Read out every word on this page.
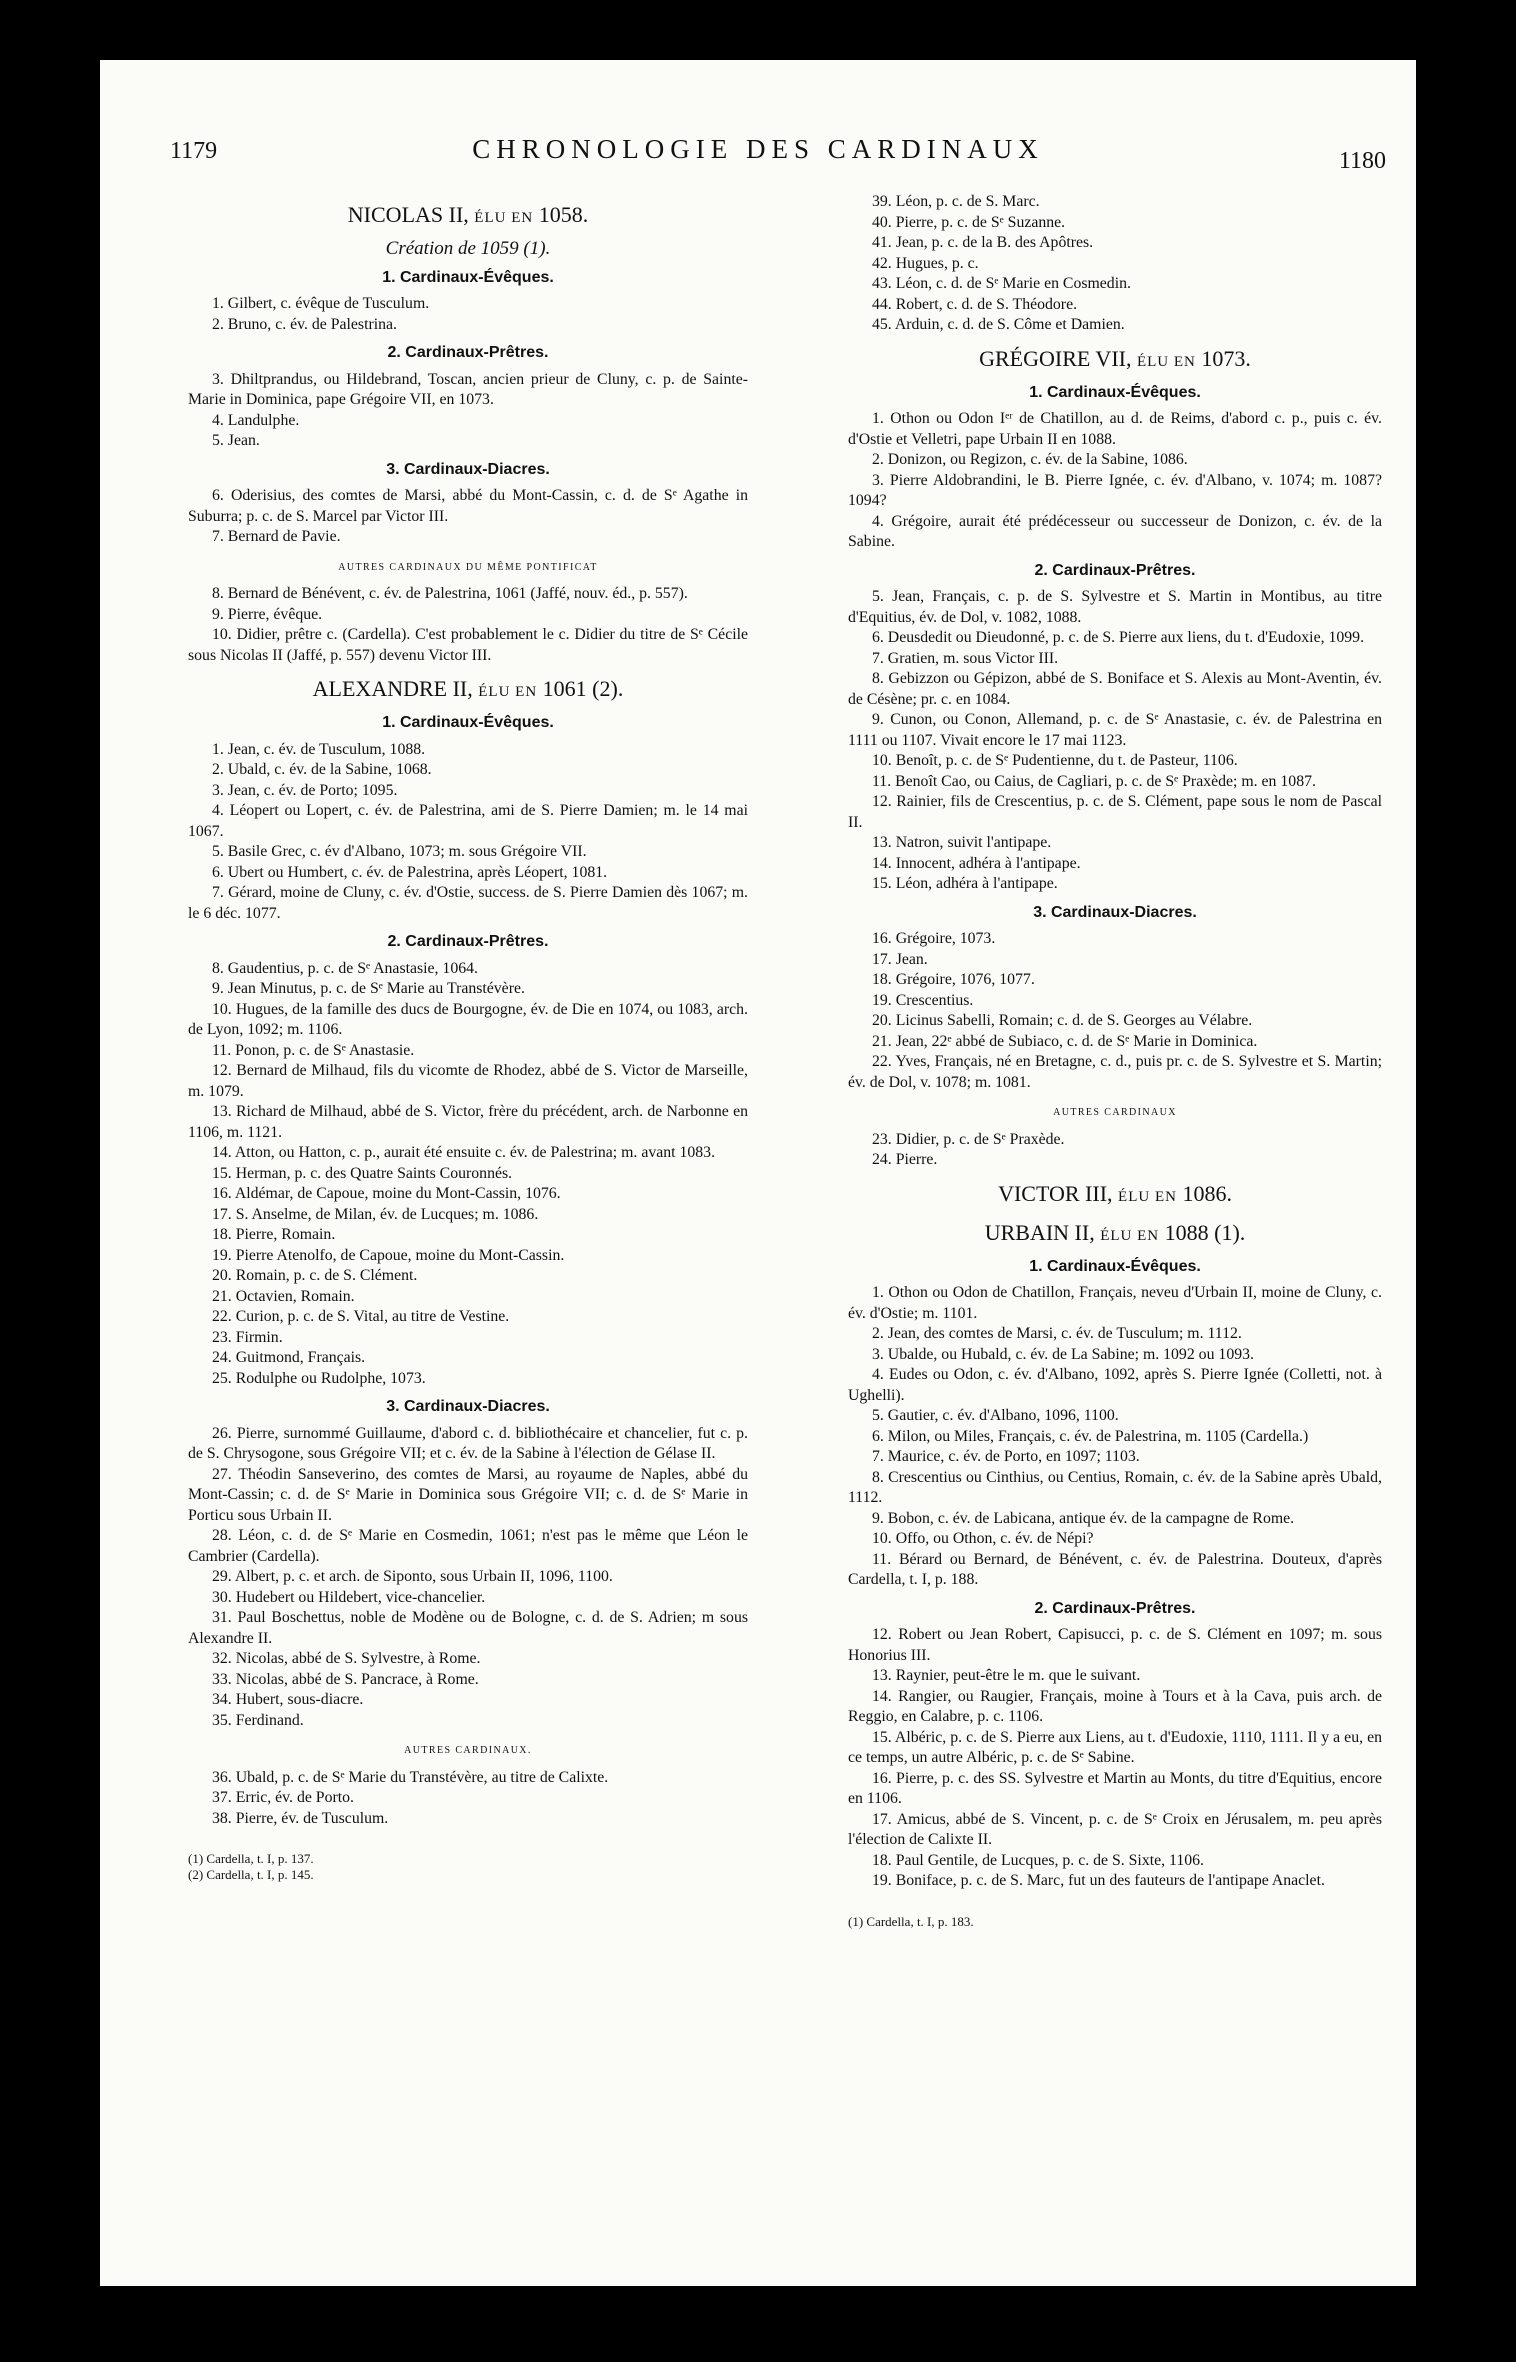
1179	CHRONOLOGIE DES CARDINAUX	1180
NICOLAS II, ÉLU EN 1058.
Création de 1059 (1).
1. Cardinaux-Évêques.

1. Gilbert, c. évêque de Tusculum.

2. Bruno, c. év. de Palestrina.

2. Cardinaux-Prêtres.

3. Dhiltprandus, ou Hildebrand, Toscan, ancien prieur de Cluny, c. p. de Sainte-Marie in Dominica, pape Grégoire VII, en 1073.

4. Landulphe.

5. Jean.

3. Cardinaux-Diacres.

6. Oderisius, des comtes de Marsi, abbé du Mont-Cassin, c. d. de Sᵉ Agathe in Suburra; p. c. de S. Marcel par Victor III.

7. Bernard de Pavie.

AUTRES CARDINAUX DU MÊME PONTIFICAT

8. Bernard de Bénévent, c. év. de Palestrina, 1061 (Jaffé, nouv. éd., p. 557).

9. Pierre, évêque.

10. Didier, prêtre c. (Cardella). C'est probablement le c. Didier du titre de Sᵉ Cécile sous Nicolas II (Jaffé, p. 557) devenu Victor III.

ALEXANDRE II, ÉLU EN 1061 (2).
1. Cardinaux-Évêques.

1. Jean, c. év. de Tusculum, 1088.

2. Ubald, c. év. de la Sabine, 1068.

3. Jean, c. év. de Porto; 1095.

4. Léopert ou Lopert, c. év. de Palestrina, ami de S. Pierre Damien; m. le 14 mai 1067.

5. Basile Grec, c. év d'Albano, 1073; m. sous Grégoire VII.

6. Ubert ou Humbert, c. év. de Palestrina, après Léopert, 1081.

7. Gérard, moine de Cluny, c. év. d'Ostie, success. de S. Pierre Damien dès 1067; m. le 6 déc. 1077.

2. Cardinaux-Prêtres.

8. Gaudentius, p. c. de Sᵉ Anastasie, 1064.

9. Jean Minutus, p. c. de Sᵉ Marie au Transtévère.

10. Hugues, de la famille des ducs de Bourgogne, év. de Die en 1074, ou 1083, arch. de Lyon, 1092; m. 1106.

11. Ponon, p. c. de Sᵉ Anastasie.

12. Bernard de Milhaud, fils du vicomte de Rhodez, abbé de S. Victor de Marseille, m. 1079.

13. Richard de Milhaud, abbé de S. Victor, frère du précédent, arch. de Narbonne en 1106, m. 1121.

14. Atton, ou Hatton, c. p., aurait été ensuite c. év. de Palestrina; m. avant 1083.

15. Herman, p. c. des Quatre Saints Couronnés.

16. Aldémar, de Capoue, moine du Mont-Cassin, 1076.

17. S. Anselme, de Milan, év. de Lucques; m. 1086.

18. Pierre, Romain.

19. Pierre Atenolfo, de Capoue, moine du Mont-Cassin.

20. Romain, p. c. de S. Clément.

21. Octavien, Romain.

22. Curion, p. c. de S. Vital, au titre de Vestine.

23. Firmin.

24. Guitmond, Français.

25. Rodulphe ou Rudolphe, 1073.

3. Cardinaux-Diacres.

26. Pierre, surnommé Guillaume, d'abord c. d. bibliothécaire et chancelier, fut c. p. de S. Chrysogone, sous Grégoire VII; et c. év. de la Sabine à l'élection de Gélase II.

27. Théodin Sanseverino, des comtes de Marsi, au royaume de Naples, abbé du Mont-Cassin; c. d. de Sᵉ Marie in Dominica sous Grégoire VII; c. d. de Sᵉ Marie in Porticu sous Urbain II.

28. Léon, c. d. de Sᵉ Marie en Cosmedin, 1061; n'est pas le même que Léon le Cambrier (Cardella).

29. Albert, p. c. et arch. de Siponto, sous Urbain II, 1096, 1100.

30. Hudebert ou Hildebert, vice-chancelier.

31. Paul Boschettus, noble de Modène ou de Bologne, c. d. de S. Adrien; m sous Alexandre II.

32. Nicolas, abbé de S. Sylvestre, à Rome.

33. Nicolas, abbé de S. Pancrace, à Rome.

34. Hubert, sous-diacre.

35. Ferdinand.

AUTRES CARDINAUX.

36. Ubald, p. c. de Sᵉ Marie du Transtévère, au titre de Calixte.

37. Erric, év. de Porto.

38. Pierre, év. de Tusculum.

(1) Cardella, t. I, p. 137.

(2) Cardella, t. I, p. 145.

39. Léon, p. c. de S. Marc.

40. Pierre, p. c. de Sᵉ Suzanne.

41. Jean, p. c. de la B. des Apôtres.

42. Hugues, p. c.

43. Léon, c. d. de Sᵉ Marie en Cosmedin.

44. Robert, c. d. de S. Théodore.

45. Arduin, c. d. de S. Côme et Damien.

GRÉGOIRE VII, ÉLU EN 1073.
1. Cardinaux-Évêques.

1. Othon ou Odon Iᵉʳ de Chatillon, au d. de Reims, d'abord c. p., puis c. év. d'Ostie et Velletri, pape Urbain II en 1088.

2. Donizon, ou Regizon, c. év. de la Sabine, 1086.

3. Pierre Aldobrandini, le B. Pierre Ignée, c. év. d'Albano, v. 1074; m. 1087? 1094?

4. Grégoire, aurait été prédécesseur ou successeur de Donizon, c. év. de la Sabine.

2. Cardinaux-Prêtres.

5. Jean, Français, c. p. de S. Sylvestre et S. Martin in Montibus, au titre d'Equitius, év. de Dol, v. 1082, 1088.

6. Deusdedit ou Dieudonné, p. c. de S. Pierre aux liens, du t. d'Eudoxie, 1099.

7. Gratien, m. sous Victor III.

8. Gebizzon ou Gépizon, abbé de S. Boniface et S. Alexis au Mont-Aventin, év. de Césène; pr. c. en 1084.

9. Cunon, ou Conon, Allemand, p. c. de Sᵉ Anastasie, c. év. de Palestrina en 1111 ou 1107. Vivait encore le 17 mai 1123.

10. Benoît, p. c. de Sᵉ Pudentienne, du t. de Pasteur, 1106.

11. Benoît Cao, ou Caius, de Cagliari, p. c. de Sᵉ Praxède; m. en 1087.

12. Rainier, fils de Crescentius, p. c. de S. Clément, pape sous le nom de Pascal II.

13. Natron, suivit l'antipape.

14. Innocent, adhéra à l'antipape.

15. Léon, adhéra à l'antipape.

3. Cardinaux-Diacres.

16. Grégoire, 1073.

17. Jean.

18. Grégoire, 1076, 1077.

19. Crescentius.

20. Licinus Sabelli, Romain; c. d. de S. Georges au Vélabre.

21. Jean, 22ᵉ abbé de Subiaco, c. d. de Sᵉ Marie in Dominica.

22. Yves, Français, né en Bretagne, c. d., puis pr. c. de S. Sylvestre et S. Martin; év. de Dol, v. 1078; m. 1081.

AUTRES CARDINAUX

23. Didier, p. c. de Sᵉ Praxède.

24. Pierre.

VICTOR III, ÉLU EN 1086.
URBAIN II, ÉLU EN 1088 (1).
1. Cardinaux-Évêques.

1. Othon ou Odon de Chatillon, Français, neveu d'Urbain II, moine de Cluny, c. év. d'Ostie; m. 1101.

2. Jean, des comtes de Marsi, c. év. de Tusculum; m. 1112.

3. Ubalde, ou Hubald, c. év. de La Sabine; m. 1092 ou 1093.

4. Eudes ou Odon, c. év. d'Albano, 1092, après S. Pierre Ignée (Colletti, not. à Ughelli).

5. Gautier, c. év. d'Albano, 1096, 1100.

6. Milon, ou Miles, Français, c. év. de Palestrina, m. 1105 (Cardella.)

7. Maurice, c. év. de Porto, en 1097; 1103.

8. Crescentius ou Cinthius, ou Centius, Romain, c. év. de la Sabine après Ubald, 1112.

9. Bobon, c. év. de Labicana, antique év. de la campagne de Rome.

10. Offo, ou Othon, c. év. de Népi?

11. Bérard ou Bernard, de Bénévent, c. év. de Palestrina. Douteux, d'après Cardella, t. I, p. 188.

2. Cardinaux-Prêtres.

12. Robert ou Jean Robert, Capisucci, p. c. de S. Clément en 1097; m. sous Honorius III.

13. Raynier, peut-être le m. que le suivant.

14. Rangier, ou Raugier, Français, moine à Tours et à la Cava, puis arch. de Reggio, en Calabre, p. c. 1106.

15. Albéric, p. c. de S. Pierre aux Liens, au t. d'Eudoxie, 1110, 1111. Il y a eu, en ce temps, un autre Albéric, p. c. de Sᵉ Sabine.

16. Pierre, p. c. des SS. Sylvestre et Martin au Monts, du titre d'Equitius, encore en 1106.

17. Amicus, abbé de S. Vincent, p. c. de Sᵉ Croix en Jérusalem, m. peu après l'élection de Calixte II.

18. Paul Gentile, de Lucques, p. c. de S. Sixte, 1106.

19. Boniface, p. c. de S. Marc, fut un des fauteurs de l'antipape Anaclet.

(1) Cardella, t. I, p. 183.
